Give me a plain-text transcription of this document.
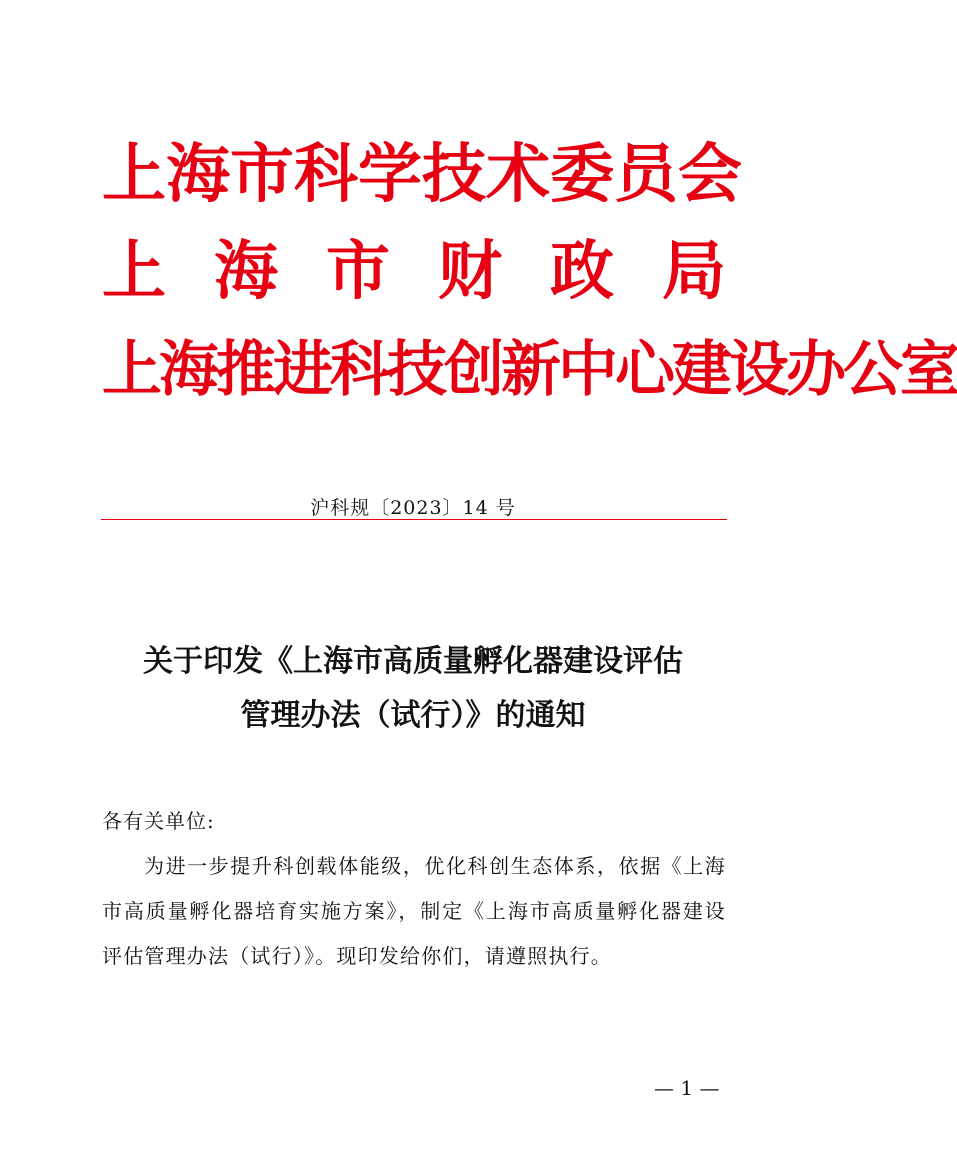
上 海 市 科 学 技 术 委 员 会
上 海 市 财 政 局
上 海 推 进 科 技 创 新 中 心 建 设 办 公 室
沪科规〔2023〕14 号
关于印发《上海市高质量孵化器建设评估
管理办法（试行）》的通知
各有关单位:

为进一步提升科创载体能级，优化科创生态体系，依据《上海市高质量孵化器培育实施方案》，制定《上海市高质量孵化器建设评估管理办法（试行）》。现印发给你们，请遵照执行。

— 1 —
